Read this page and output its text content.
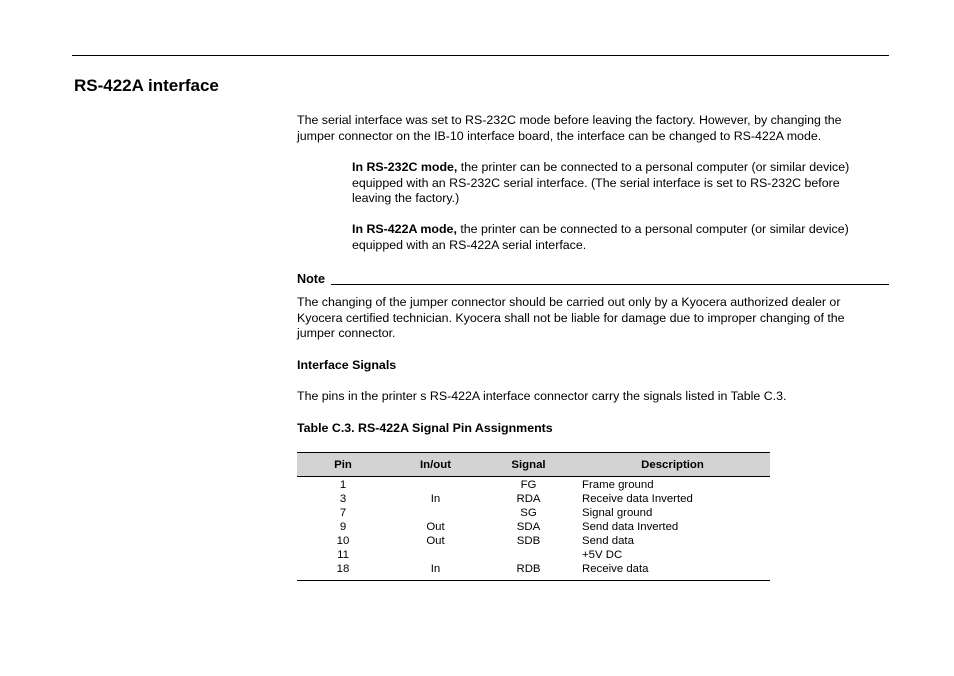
RS-422A interface

The serial interface was set to RS-232C mode before leaving the factory. However, by changing the jumper connector on the IB-10 interface board, the interface can be changed to RS-422A mode.

In RS-232C mode, the printer can be connected to a personal computer (or similar device) equipped with an RS-232C serial interface. (The serial interface is set to RS-232C before leaving the factory.)

In RS-422A mode, the printer can be connected to a personal computer (or similar device) equipped with an RS-422A serial interface.

Note

The changing of the jumper connector should be carried out only by a Kyocera authorized dealer or Kyocera certified technician. Kyocera shall not be liable for damage due to improper changing of the jumper connector.

Interface Signals

The pins in the printer s RS-422A interface connector carry the signals listed in Table C.3.

Table C.3. RS-422A Signal Pin Assignments
Pin	In/out	Signal	Description
1		FG	Frame ground
3	In	RDA	Receive data Inverted
7		SG	Signal ground
9	Out	SDA	Send data Inverted
10	Out	SDB	Send data
11			+5V DC
18	In	RDB	Receive data
